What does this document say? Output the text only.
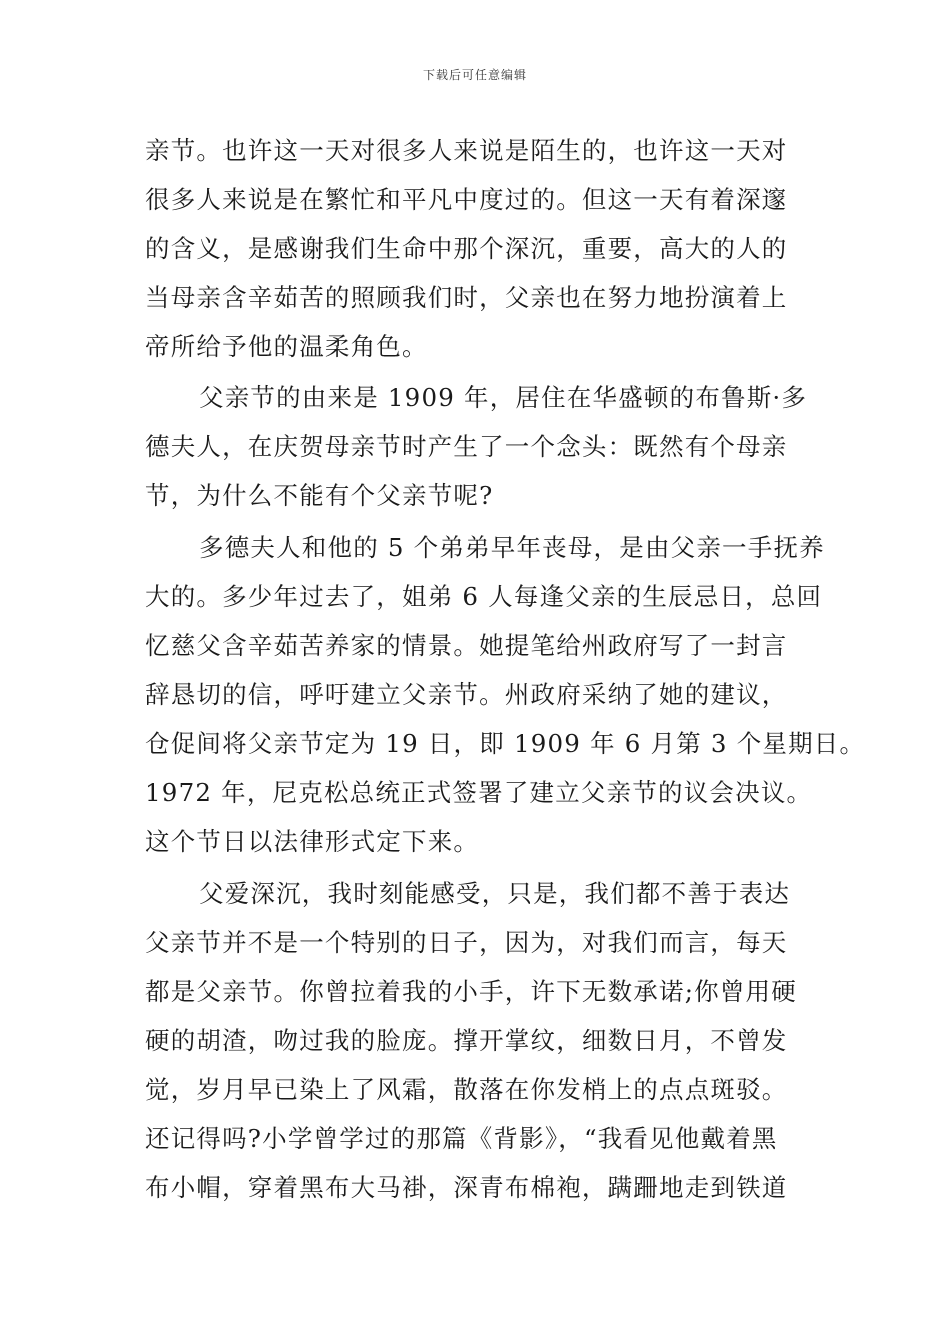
下载后可任意编辑
亲节。也许这一天对很多人来说是陌生的，也许这一天对
很多人来说是在繁忙和平凡中度过的。但这一天有着深邃
的含义，是感谢我们生命中那个深沉，重要，高大的人的
当母亲含辛茹苦的照顾我们时，父亲也在努力地扮演着上
帝所给予他的温柔角色。
父亲节的由来是 1909 年，居住在华盛顿的布鲁斯·多
德夫人，在庆贺母亲节时产生了一个念头：既然有个母亲
节，为什么不能有个父亲节呢?
多德夫人和他的 5 个弟弟早年丧母，是由父亲一手抚养
大的。多少年过去了，姐弟 6 人每逢父亲的生辰忌日，总回
忆慈父含辛茹苦养家的情景。她提笔给州政府写了一封言
辞恳切的信，呼吁建立父亲节。州政府采纳了她的建议，
仓促间将父亲节定为 19 日，即 1909 年 6 月第 3 个星期日。
1972 年，尼克松总统正式签署了建立父亲节的议会决议。
这个节日以法律形式定下来。
父爱深沉，我时刻能感受，只是，我们都不善于表达
父亲节并不是一个特别的日子，因为，对我们而言，每天
都是父亲节。你曾拉着我的小手，许下无数承诺;你曾用硬
硬的胡渣，吻过我的脸庞。撑开掌纹，细数日月，不曾发
觉，岁月早已染上了风霜，散落在你发梢上的点点斑驳。
还记得吗?小学曾学过的那篇《背影》，“我看见他戴着黑
布小帽，穿着黑布大马褂，深青布棉袍，蹒跚地走到铁道
